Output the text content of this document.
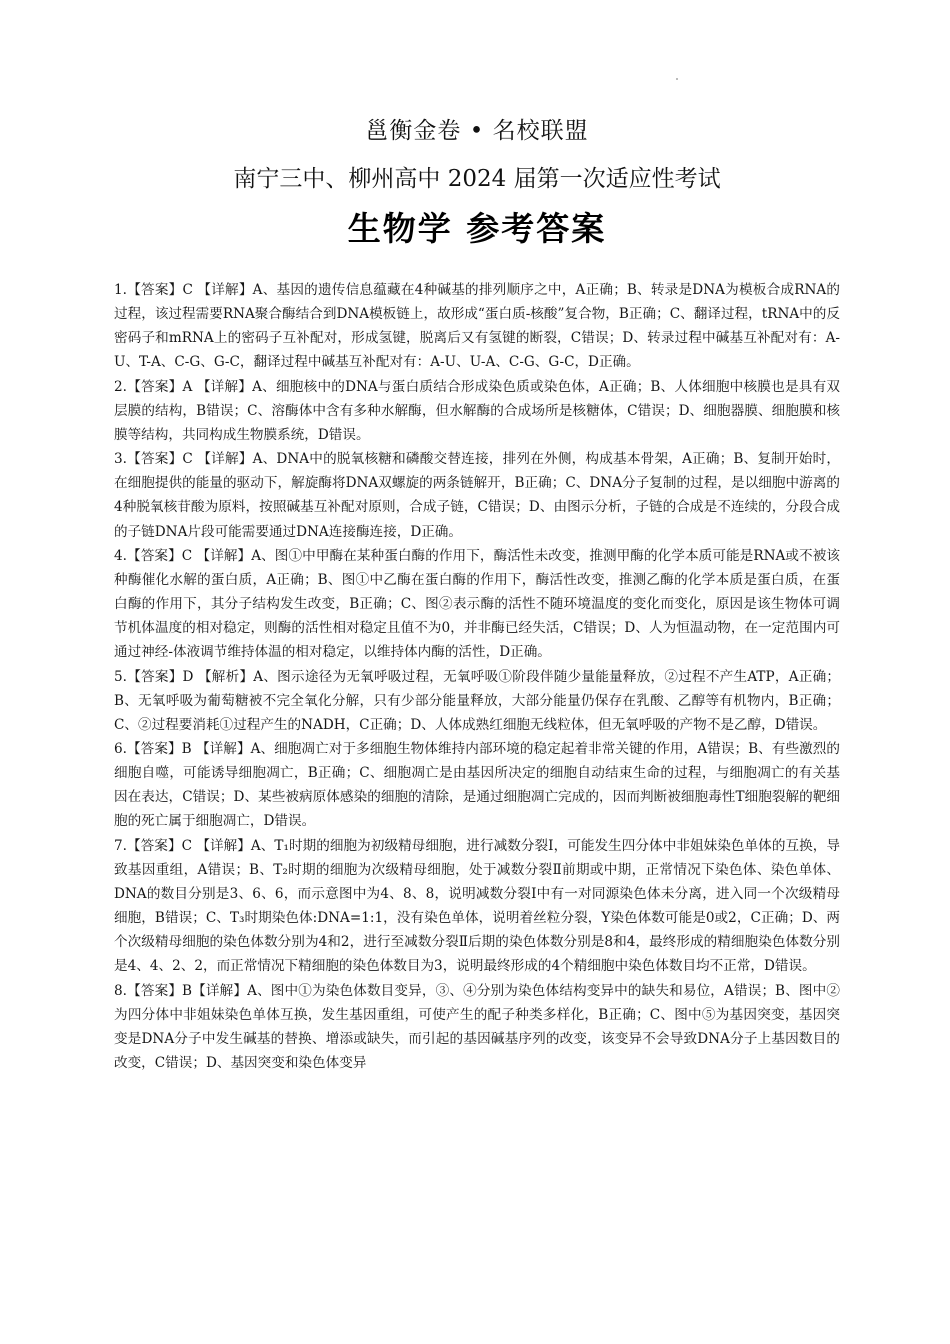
邕衡金卷 • 名校联盟
南宁三中、柳州高中 2024 届第一次适应性考试
生物学 参考答案

1.【答案】C 【详解】A、基因的遗传信息蕴藏在4种碱基的排列顺序之中，A正确；B、转录是DNA为模板合成RNA的过程，该过程需要RNA聚合酶结合到DNA模板链上，故形成“蛋白质-核酸”复合物，B正确；C、翻译过程，tRNA中的反密码子和mRNA上的密码子互补配对，形成氢键，脱离后又有氢键的断裂，C错误；D、转录过程中碱基互补配对有：A-U、T-A、C-G、G-C，翻译过程中碱基互补配对有：A-U、U-A、C-G、G-C，D正确。

2.【答案】A 【详解】A、细胞核中的DNA与蛋白质结合形成染色质或染色体，A正确；B、人体细胞中核膜也是具有双层膜的结构，B错误；C、溶酶体中含有多种水解酶，但水解酶的合成场所是核糖体，C错误；D、细胞器膜、细胞膜和核膜等结构，共同构成生物膜系统，D错误。

3.【答案】C 【详解】A、DNA中的脱氧核糖和磷酸交替连接，排列在外侧，构成基本骨架，A正确；B、复制开始时，在细胞提供的能量的驱动下，解旋酶将DNA双螺旋的两条链解开，B正确；C、DNA分子复制的过程，是以细胞中游离的4种脱氧核苷酸为原料，按照碱基互补配对原则，合成子链，C错误；D、由图示分析，子链的合成是不连续的，分段合成的子链DNA片段可能需要通过DNA连接酶连接，D正确。

4.【答案】C 【详解】A、图①中甲酶在某种蛋白酶的作用下，酶活性未改变，推测甲酶的化学本质可能是RNA或不被该种酶催化水解的蛋白质，A正确；B、图①中乙酶在蛋白酶的作用下，酶活性改变，推测乙酶的化学本质是蛋白质，在蛋白酶的作用下，其分子结构发生改变，B正确；C、图②表示酶的活性不随环境温度的变化而变化，原因是该生物体可调节机体温度的相对稳定，则酶的活性相对稳定且值不为0，并非酶已经失活，C错误；D、人为恒温动物，在一定范围内可通过神经-体液调节维持体温的相对稳定，以维持体内酶的活性，D正确。

5.【答案】D 【解析】A、图示途径为无氧呼吸过程，无氧呼吸①阶段伴随少量能量释放，②过程不产生ATP，A正确；B、无氧呼吸为葡萄糖被不完全氧化分解，只有少部分能量释放，大部分能量仍保存在乳酸、乙醇等有机物内，B正确；C、②过程要消耗①过程产生的NADH，C正确；D、人体成熟红细胞无线粒体，但无氧呼吸的产物不是乙醇，D错误。

6.【答案】B 【详解】A、细胞凋亡对于多细胞生物体维持内部环境的稳定起着非常关键的作用，A错误；B、有些激烈的细胞自噬，可能诱导细胞凋亡，B正确；C、细胞凋亡是由基因所决定的细胞自动结束生命的过程，与细胞凋亡的有关基因在表达，C错误；D、某些被病原体感染的细胞的清除，是通过细胞凋亡完成的，因而判断被细胞毒性T细胞裂解的靶细胞的死亡属于细胞凋亡，D错误。

7.【答案】C 【详解】A、T₁时期的细胞为初级精母细胞，进行减数分裂Ⅰ，可能发生四分体中非姐妹染色单体的互换，导致基因重组，A错误；B、T₂时期的细胞为次级精母细胞，处于减数分裂Ⅱ前期或中期，正常情况下染色体、染色单体、DNA的数目分别是3、6、6，而示意图中为4、8、8，说明减数分裂Ⅰ中有一对同源染色体未分离，进入同一个次级精母细胞，B错误；C、T₃时期染色体:DNA=1:1，没有染色单体，说明着丝粒分裂，Y染色体数可能是0或2，C正确；D、两个次级精母细胞的染色体数分别为4和2，进行至减数分裂Ⅱ后期的染色体数分别是8和4，最终形成的精细胞染色体数分别是4、4、2、2，而正常情况下精细胞的染色体数目为3，说明最终形成的4个精细胞中染色体数目均不正常，D错误。

8.【答案】B【详解】A、图中①为染色体数目变异，③、④分别为染色体结构变异中的缺失和易位，A错误；B、图中②为四分体中非姐妹染色单体互换，发生基因重组，可使产生的配子种类多样化，B正确；C、图中⑤为基因突变，基因突变是DNA分子中发生碱基的替换、增添或缺失，而引起的基因碱基序列的改变，该变异不会导致DNA分子上基因数目的改变，C错误；D、基因突变和染色体变异
